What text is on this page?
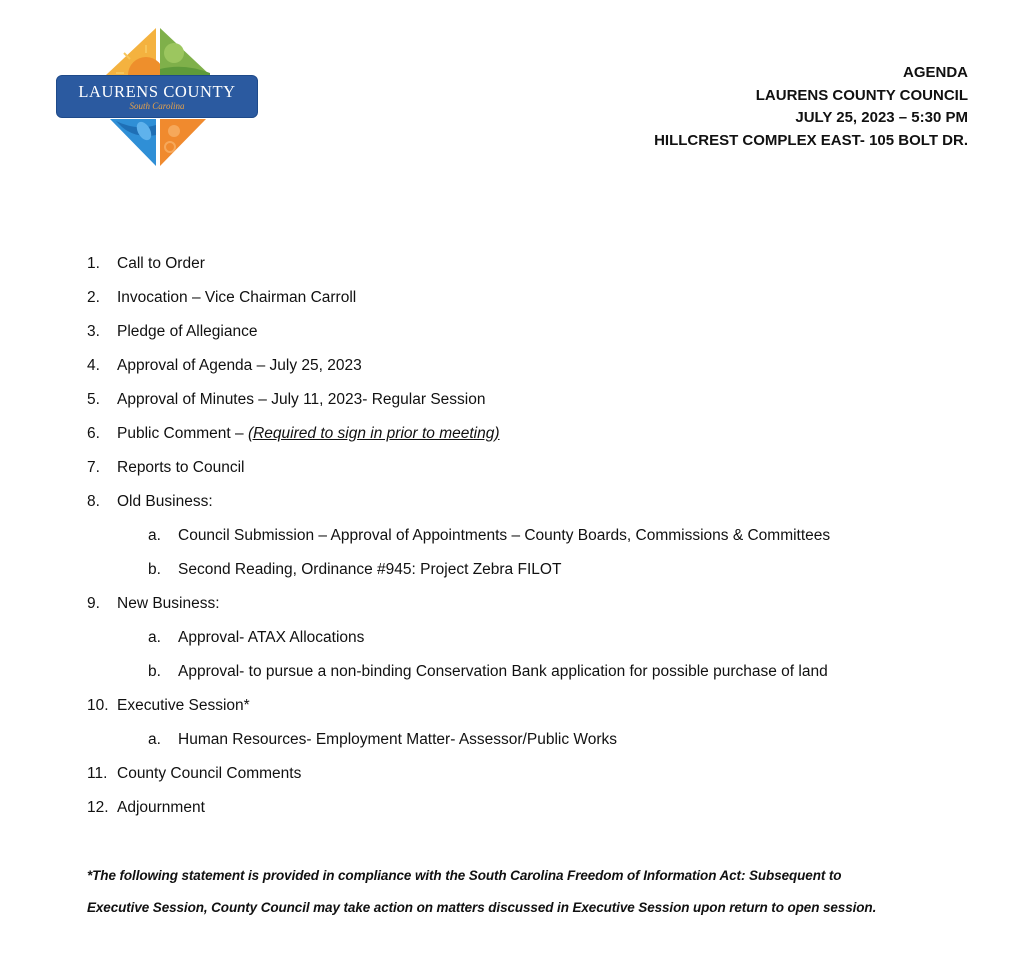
LAURENS COUNTY
South Carolina
AGENDA
LAURENS COUNTY COUNCIL
JULY 25, 2023 – 5:30 PM
HILLCREST COMPLEX EAST- 105 BOLT DR.
1. Call to Order
2. Invocation – Vice Chairman Carroll
3. Pledge of Allegiance
4. Approval of Agenda – July 25, 2023
5. Approval of Minutes – July 11, 2023- Regular Session
6. Public Comment – (Required to sign in prior to meeting)
7. Reports to Council
8. Old Business:
a. Council Submission – Approval of Appointments – County Boards, Commissions & Committees
b. Second Reading, Ordinance #945: Project Zebra FILOT
9. New Business:
a. Approval- ATAX Allocations
b. Approval- to pursue a non-binding Conservation Bank application for possible purchase of land
10. Executive Session*
a. Human Resources- Employment Matter- Assessor/Public Works
11. County Council Comments
12. Adjournment
*The following statement is provided in compliance with the South Carolina Freedom of Information Act: Subsequent to
Executive Session, County Council may take action on matters discussed in Executive Session upon return to open session.
